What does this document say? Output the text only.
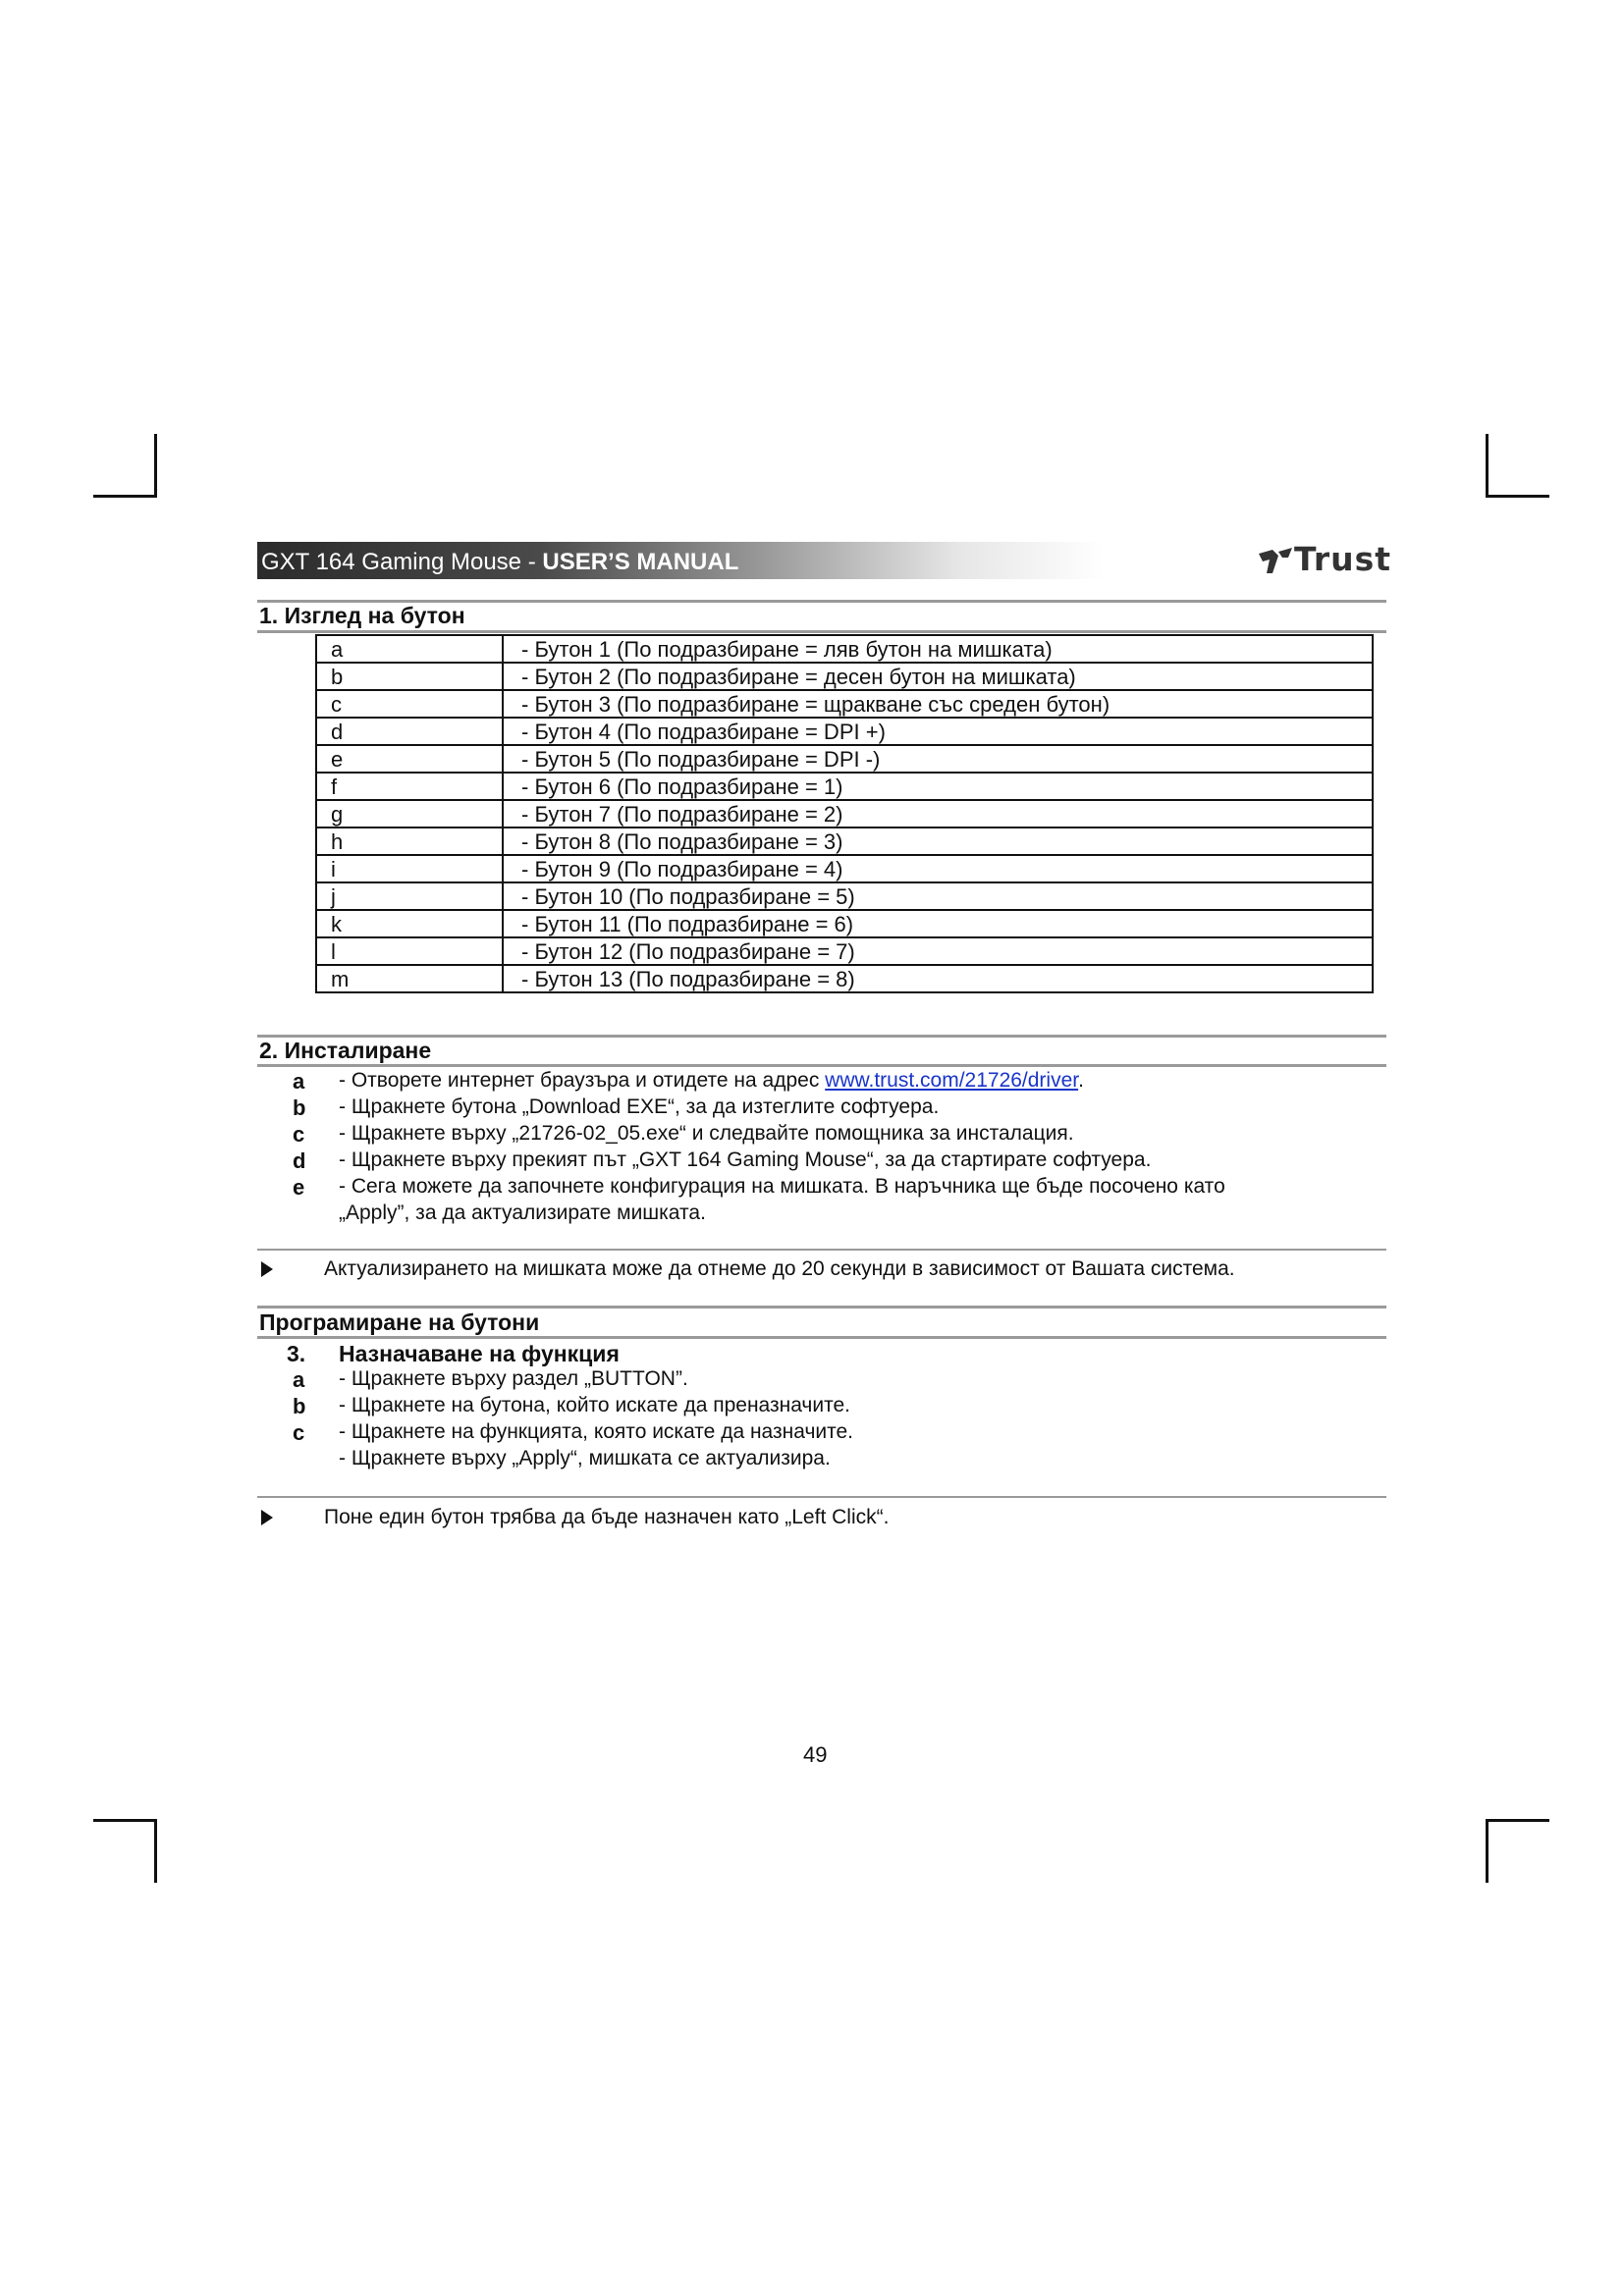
GXT 164 Gaming Mouse - USER’S MANUAL	Trust
1. Изглед на бутон
a	- Бутон 1 (По подразбиране = ляв бутон на мишката)
b	- Бутон 2 (По подразбиране = десен бутон на мишката)
c	- Бутон 3 (По подразбиране = щракване със среден бутон)
d	- Бутон 4 (По подразбиране = DPI +)
e	- Бутон 5 (По подразбиране = DPI -)
f	- Бутон 6 (По подразбиране = 1)
g	- Бутон 7 (По подразбиране = 2)
h	- Бутон 8 (По подразбиране = 3)
i	- Бутон 9 (По подразбиране = 4)
j	- Бутон 10 (По подразбиране = 5)
k	- Бутон 11 (По подразбиране = 6)
l	- Бутон 12 (По подразбиране = 7)
m	- Бутон 13 (По подразбиране = 8)
2. Инсталиране
a - Отворете интернет браузъра и отидете на адрес www.trust.com/21726/driver.
b - Щракнете бутона „Download EXE“, за да изтеглите софтуера.
c - Щракнете върху „21726-02_05.exe“ и следвайте помощника за инсталация.
d - Щракнете върху прекият път „GXT 164 Gaming Mouse“, за да стартирате софтуера.
e - Сега можете да започнете конфигурация на мишката. В наръчника ще бъде посочено като
„Apply”, за да актуализирате мишката.
Актуализирането на мишката може да отнеме до 20 секунди в зависимост от Вашата система.
Програмиране на бутони
3. Назначаване на функция
a - Щракнете върху раздел „BUTTON”.
b - Щракнете на бутона, който искате да преназначите.
c - Щракнете на функцията, която искате да назначите.
- Щракнете върху „Apply“, мишката се актуализира.
Поне един бутон трябва да бъде назначен като „Left Click“.
49
